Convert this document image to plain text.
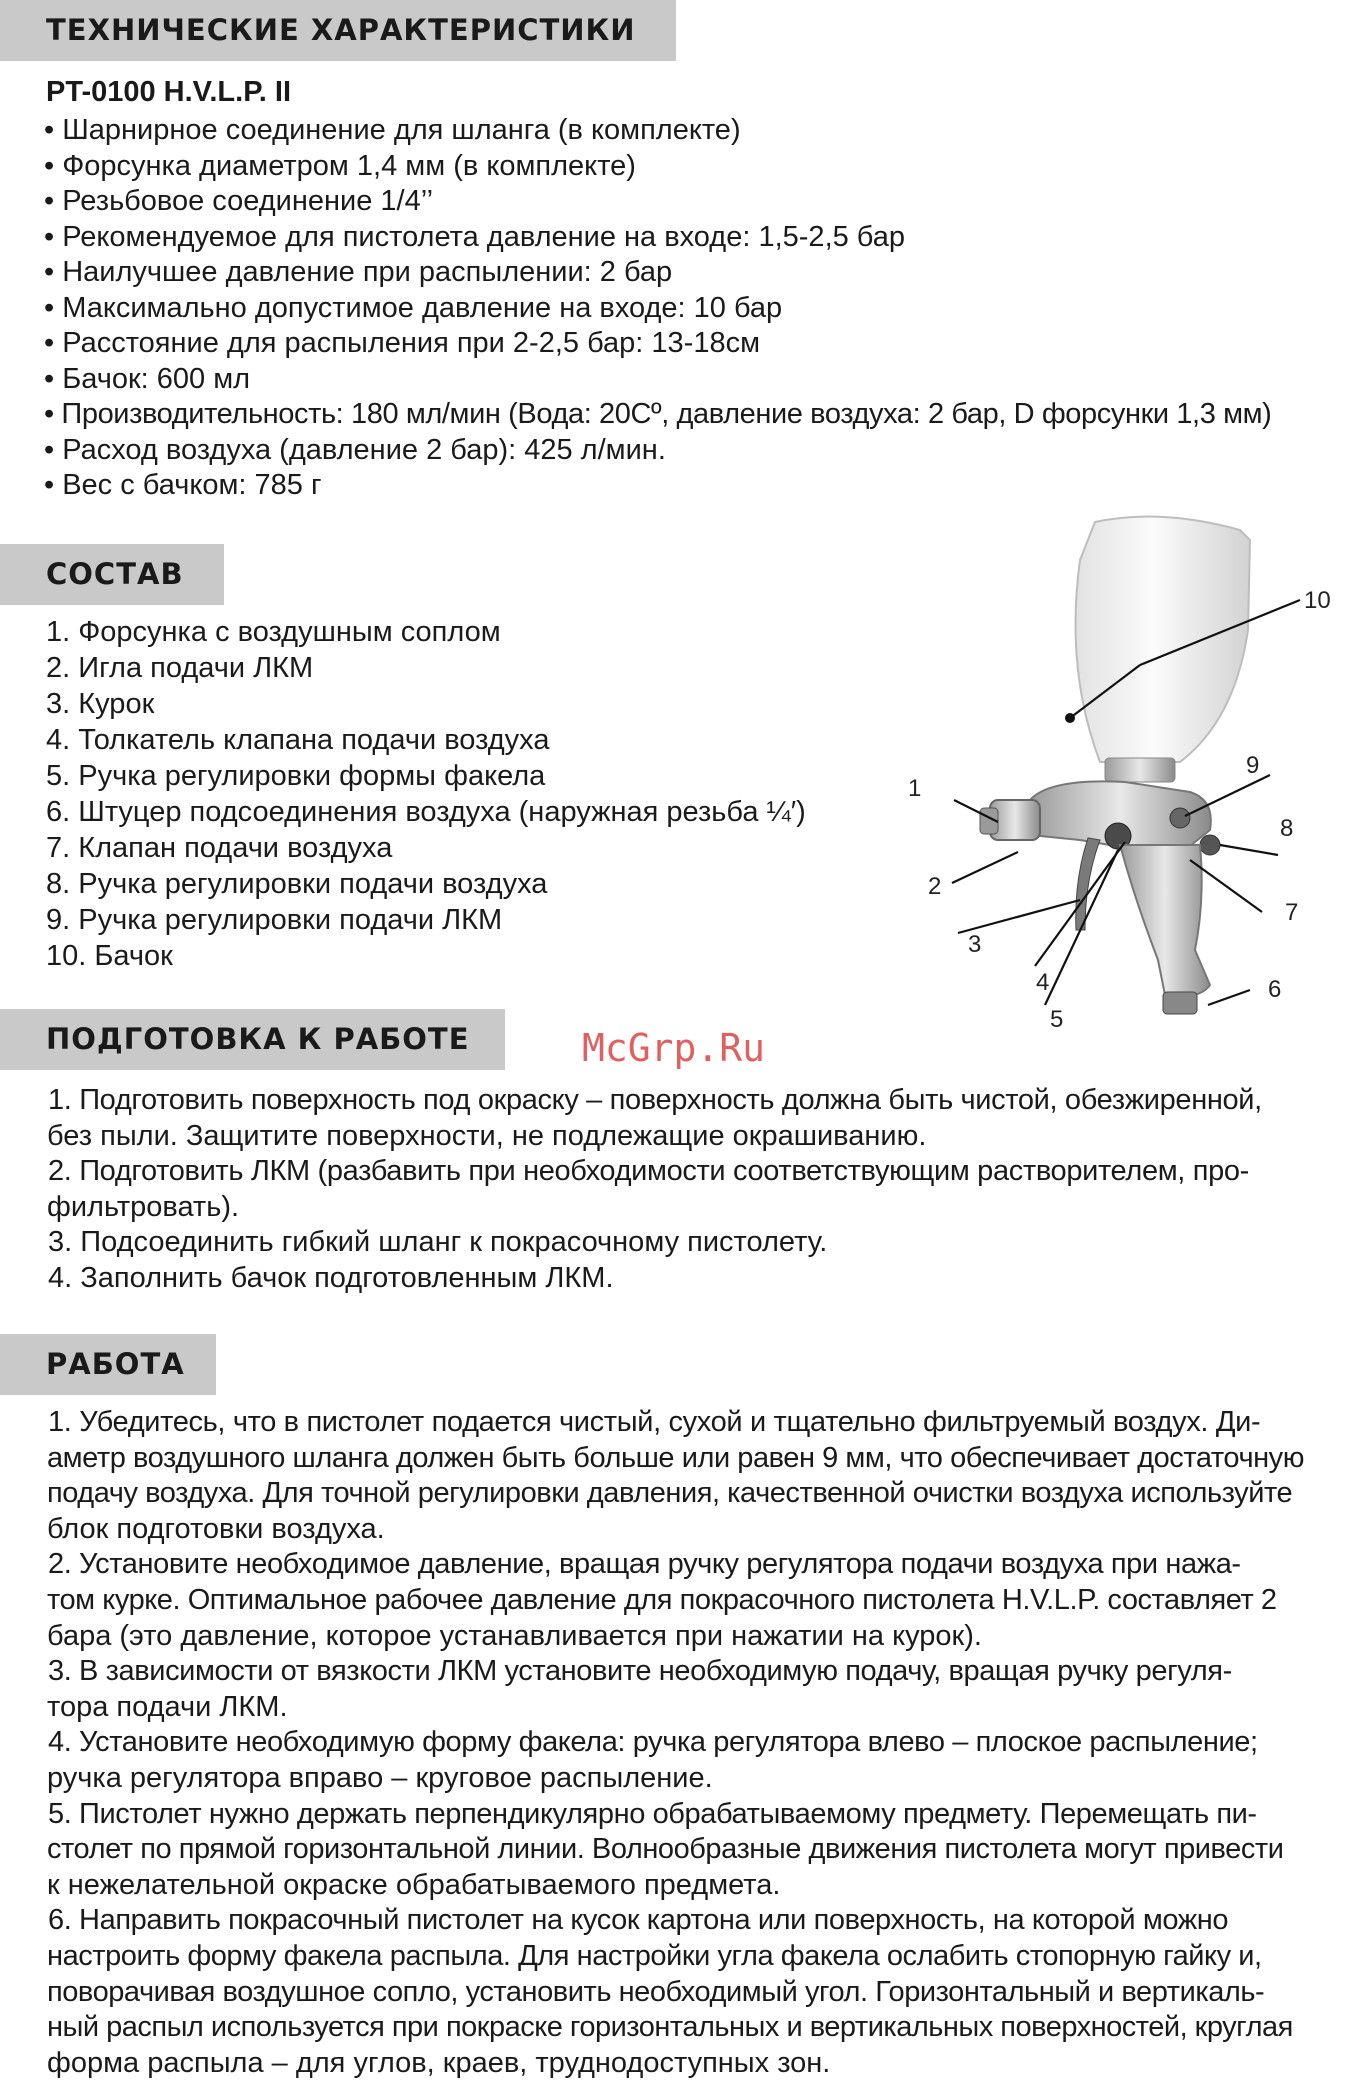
ТЕХНИЧЕСКИЕ ХАРАКТЕРИСТИКИ
PT-0100 H.V.L.P. II
• Шарнирное соединение для шланга (в комплекте)
• Форсунка диаметром 1,4 мм (в комплекте)
• Резьбовое соединение 1/4’’
• Рекомендуемое для пистолета давление на входе: 1,5-2,5 бар
• Наилучшее давление при распылении: 2 бар
• Максимально допустимое давление на входе: 10 бар
• Расстояние для распыления при 2-2,5 бар: 13-18см
• Бачок: 600 мл
• Производительность: 180 мл/мин (Вода: 20Сº, давление воздуха: 2 бар, D форсунки 1,3 мм)
• Расход воздуха (давление 2 бар): 425 л/мин.
• Вес с бачком: 785 г
СОСТАВ
1. Форсунка с воздушным соплом
2. Игла подачи ЛКМ
3. Курок
4. Толкатель клапана подачи воздуха
5. Ручка регулировки формы факела
6. Штуцер подсоединения воздуха (наружная резьба ¼′)
7. Клапан подачи воздуха
8. Ручка регулировки подачи воздуха
9. Ручка регулировки подачи ЛКМ
10. Бачок
10
1
2
3
4
5
6
7
8
9
ПОДГОТОВКА К РАБОТЕ	McGrp.Ru

1. Подготовить поверхность под окраску – поверхность должна быть чистой, обезжиренной,

без пыли. Защитите поверхности, не подлежащие окрашиванию.

2. Подготовить ЛКМ (разбавить при необходимости соответствующим растворителем, про-

фильтровать).

3. Подсоединить гибкий шланг к покрасочному пистолету.

4. Заполнить бачок подготовленным ЛКМ.

РАБОТА

1. Убедитесь, что в пистолет подается чистый, сухой и тщательно фильтруемый воздух. Ди-

аметр воздушного шланга должен быть больше или равен 9 мм, что обеспечивает достаточную

подачу воздуха. Для точной регулировки давления, качественной очистки воздуха используйте

блок подготовки воздуха.

2. Установите необходимое давление, вращая ручку регулятора подачи воздуха при нажа-

том курке. Оптимальное рабочее давление для покрасочного пистолета H.V.L.P. составляет 2

бара (это давление, которое устанавливается при нажатии на курок).

3. В зависимости от вязкости ЛКМ установите необходимую подачу, вращая ручку регуля-

тора подачи ЛКМ.

4. Установите необходимую форму факела: ручка регулятора влево – плоское распыление;

ручка регулятора вправо – круговое распыление.

5. Пистолет нужно держать перпендикулярно обрабатываемому предмету. Перемещать пи-

столет по прямой горизонтальной линии. Волнообразные движения пистолета могут привести

к нежелательной окраске обрабатываемого предмета.

6. Направить покрасочный пистолет на кусок картона или поверхность, на которой можно

настроить форму факела распыла. Для настройки угла факела ослабить стопорную гайку и,

поворачивая воздушное сопло, установить необходимый угол. Горизонтальный и вертикаль-

ный распыл используется при покраске горизонтальных и вертикальных поверхностей, круглая

форма распыла – для углов, краев, труднодоступных зон.
